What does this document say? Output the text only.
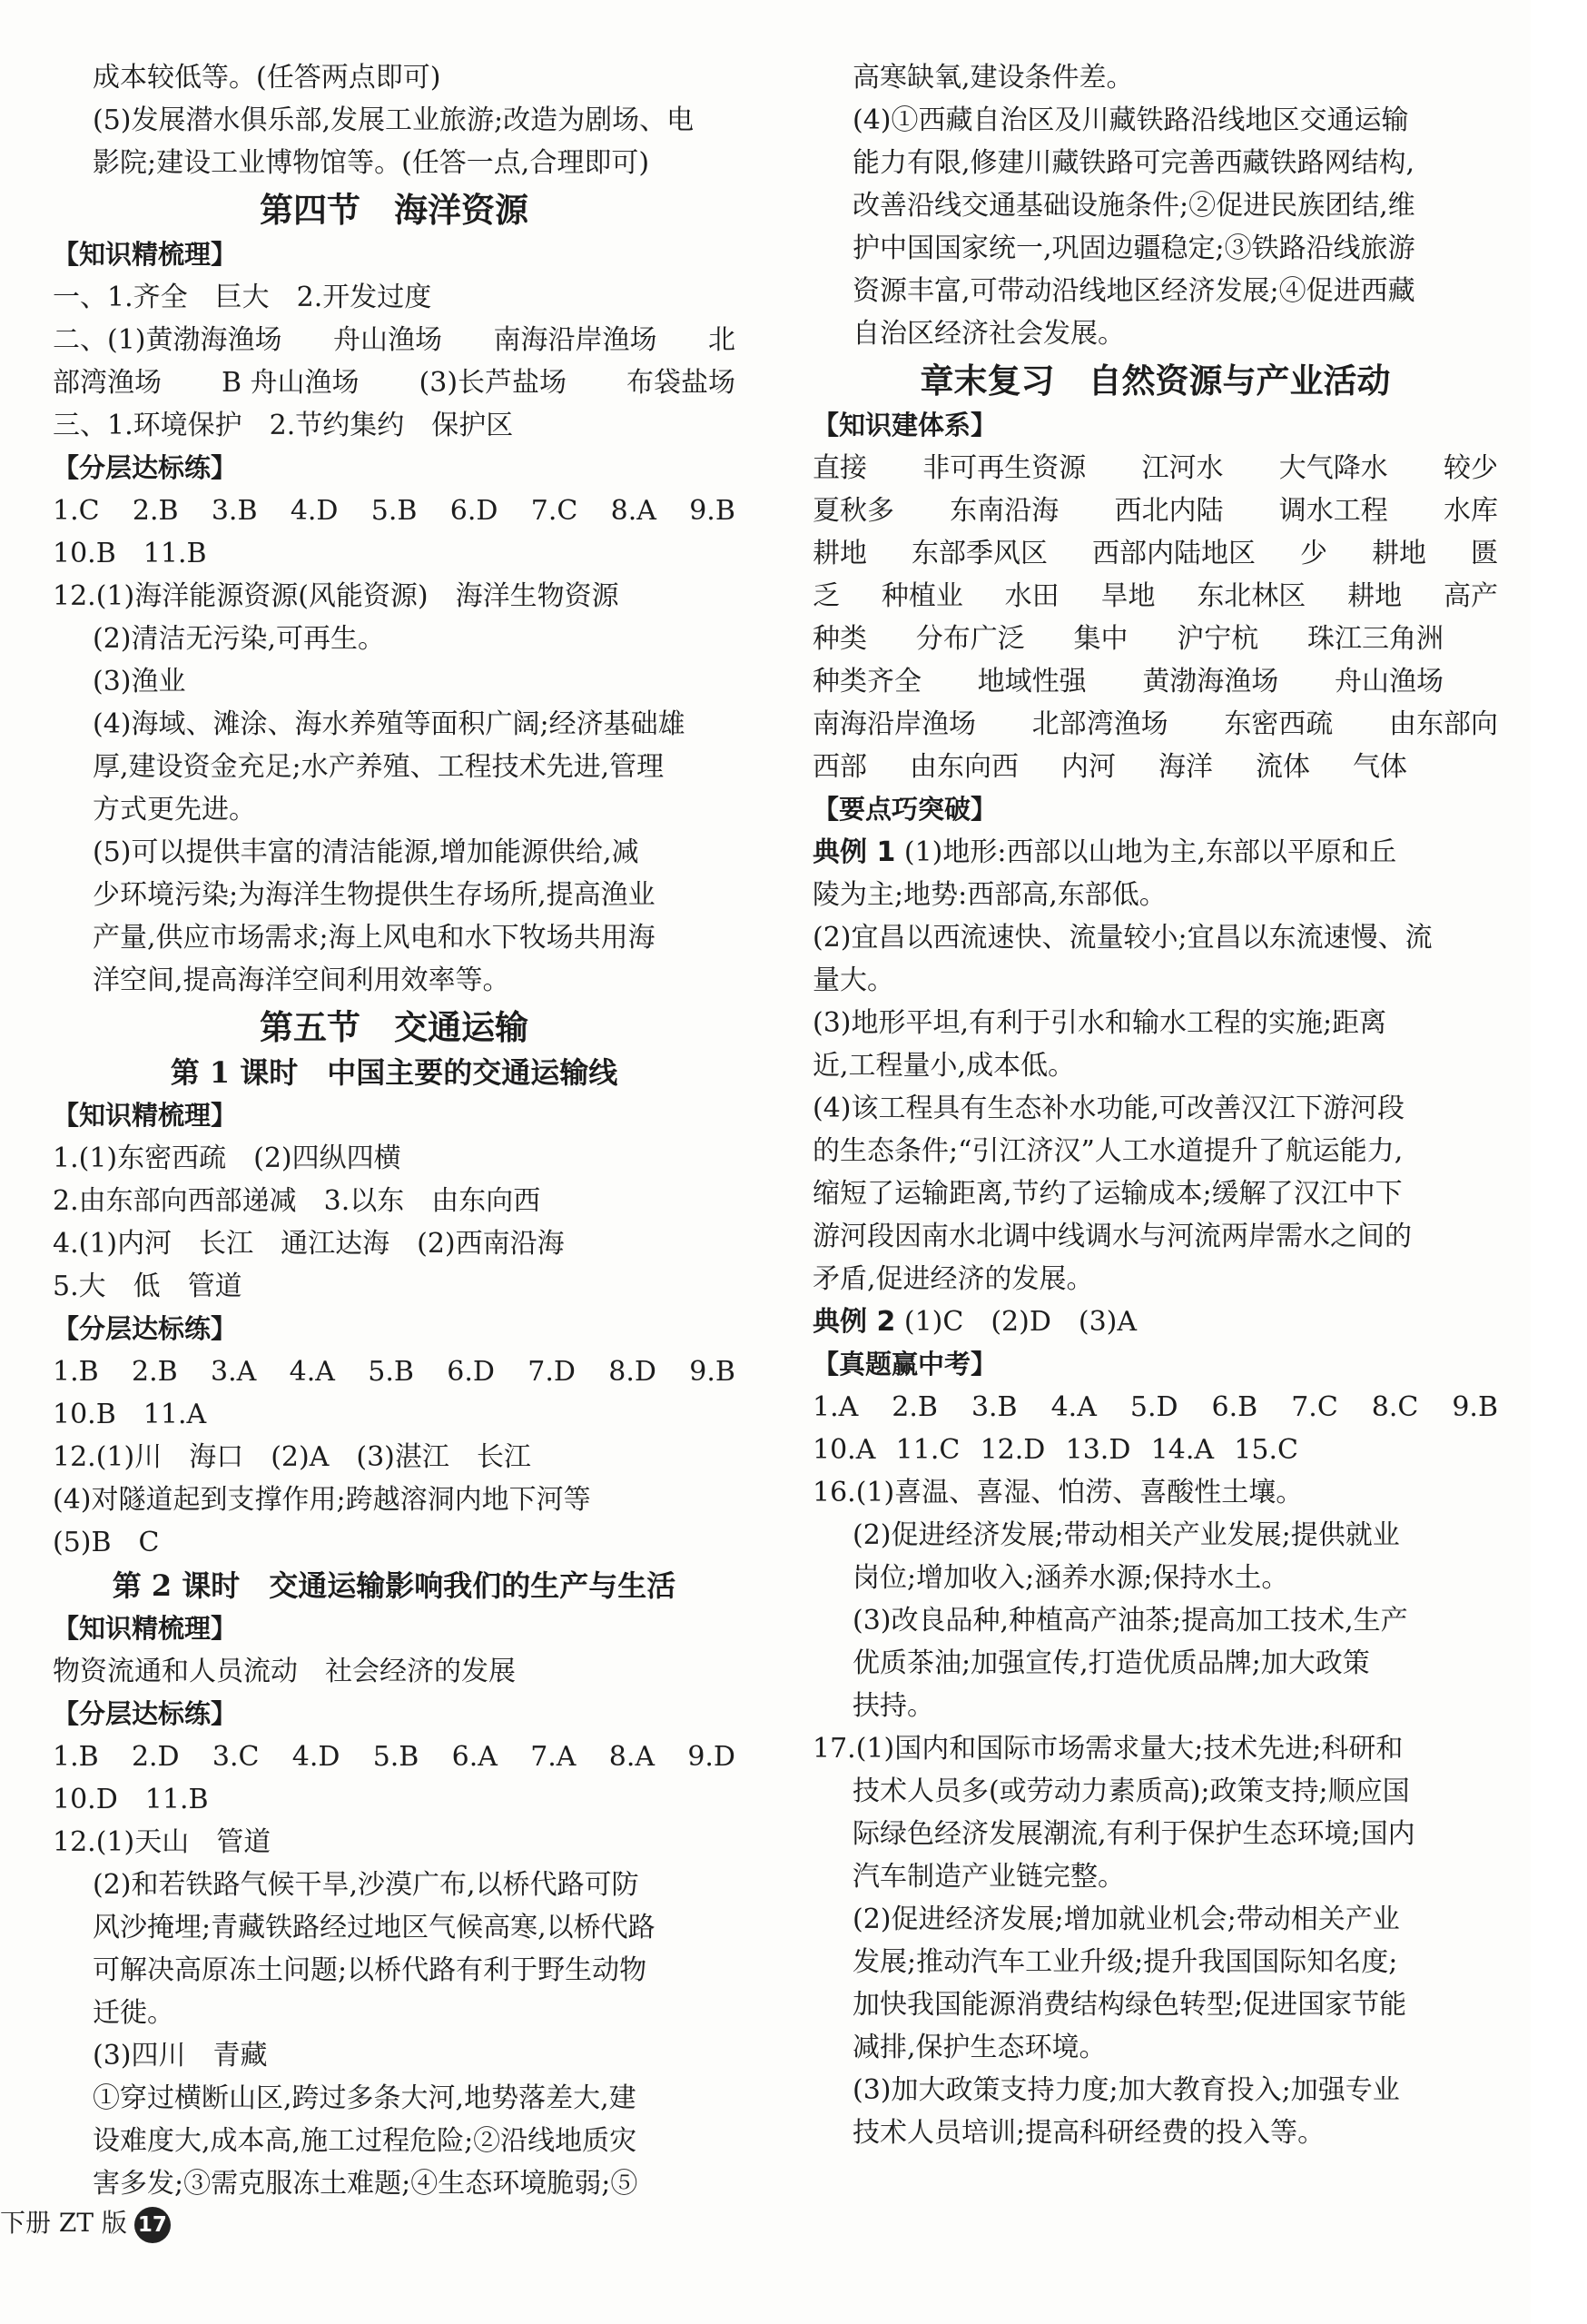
成本较低等。(任答两点即可)
(5)发展潜水俱乐部,发展工业旅游;改造为剧场、电
影院;建设工业博物馆等。(任答一点,合理即可)
第四节　海洋资源
【知识精梳理】
一、1.齐全　 巨大　 2.开发过度
二、(1)黄渤海渔场 舟山渔场 南海沿岸渔场 北
部湾渔场 B 舟山渔场 (3)长芦盐场 布袋盐场
三、1.环境保护　 2.节约集约　 保护区
【分层达标练】
1.C 2.B 3.B 4.D 5.B 6.D 7.C 8.A 9.B
10.B　 11.B
12.(1)海洋能源资源(风能资源)　 海洋生物资源
(2)清洁无污染,可再生。
(3)渔业
(4)海域、滩涂、海水养殖等面积广阔;经济基础雄
厚,建设资金充足;水产养殖、工程技术先进,管理
方式更先进。
(5)可以提供丰富的清洁能源,增加能源供给,减
少环境污染;为海洋生物提供生存场所,提高渔业
产量,供应市场需求;海上风电和水下牧场共用海
洋空间,提高海洋空间利用效率等。
第五节　交通运输
第 1 课时　中国主要的交通运输线
【知识精梳理】
1.(1)东密西疏　 (2)四纵四横
2.由东部向西部递减　 3.以东　 由东向西
4.(1)内河　 长江　 通江达海　 (2)西南沿海
5.大　 低　 管道
【分层达标练】
1.B 2.B 3.A 4.A 5.B 6.D 7.D 8.D 9.B
10.B　 11.A
12.(1)川　 海口　 (2)A　 (3)湛江　 长江
(4)对隧道起到支撑作用;跨越溶洞内地下河等
(5)B　 C
第 2 课时　交通运输影响我们的生产与生活
【知识精梳理】
物资流通和人员流动　 社会经济的发展
【分层达标练】
1.B 2.D 3.C 4.D 5.B 6.A 7.A 8.A 9.D
10.D　 11.B
12.(1)天山　 管道
(2)和若铁路气候干旱,沙漠广布,以桥代路可防
风沙掩埋;青藏铁路经过地区气候高寒,以桥代路
可解决高原冻土问题;以桥代路有利于野生动物
迁徙。
(3)四川　 青藏
①穿过横断山区,跨过多条大河,地势落差大,建
设难度大,成本高,施工过程危险;②沿线地质灾
害多发;③需克服冻土难题;④生态环境脆弱;⑤
高寒缺氧,建设条件差。
(4)①西藏自治区及川藏铁路沿线地区交通运输
能力有限,修建川藏铁路可完善西藏铁路网结构,
改善沿线交通基础设施条件;②促进民族团结,维
护中国国家统一,巩固边疆稳定;③铁路沿线旅游
资源丰富,可带动沿线地区经济发展;④促进西藏
自治区经济社会发展。
章末复习　自然资源与产业活动
【知识建体系】
直接 非可再生资源 江河水 大气降水 较少
夏秋多 东南沿海 西北内陆 调水工程 水库
耕地 东部季风区 西部内陆地区 少 耕地 匮
乏 种植业 水田 旱地 东北林区 耕地 高产
种类 分布广泛 集中 沪宁杭 珠江三角洲
种类齐全 地域性强 黄渤海渔场 舟山渔场
南海沿岸渔场 北部湾渔场 东密西疏 由东部向
西部 由东向西 内河 海洋 流体 气体
【要点巧突破】
典例 1 (1)地形:西部以山地为主,东部以平原和丘
陵为主;地势:西部高,东部低。
(2)宜昌以西流速快、流量较小;宜昌以东流速慢、流
量大。
(3)地形平坦,有利于引水和输水工程的实施;距离
近,工程量小,成本低。
(4)该工程具有生态补水功能,可改善汉江下游河段
的生态条件;“引江济汉”人工水道提升了航运能力,
缩短了运输距离,节约了运输成本;缓解了汉江中下
游河段因南水北调中线调水与河流两岸需水之间的
矛盾,促进经济的发展。
典例 2 (1)C　 (2)D　 (3)A
【真题赢中考】
1.A 2.B 3.B 4.A 5.D 6.B 7.C 8.C 9.B
10.A 11.C 12.D 13.D 14.A 15.C
16.(1)喜温、喜湿、怕涝、喜酸性土壤。
(2)促进经济发展;带动相关产业发展;提供就业
岗位;增加收入;涵养水源;保持水土。
(3)改良品种,种植高产油茶;提高加工技术,生产
优质茶油;加强宣传,打造优质品牌;加大政策
扶持。
17.(1)国内和国际市场需求量大;技术先进;科研和
技术人员多(或劳动力素质高);政策支持;顺应国
际绿色经济发展潮流,有利于保护生态环境;国内
汽车制造产业链完整。
(2)促进经济发展;增加就业机会;带动相关产业
发展;推动汽车工业升级;提升我国国际知名度;
加快我国能源消费结构绿色转型;促进国家节能
减排,保护生态环境。
(3)加大政策支持力度;加大教育投入;加强专业
技术人员培训;提高科研经费的投入等。
下册 ZT 版 17
